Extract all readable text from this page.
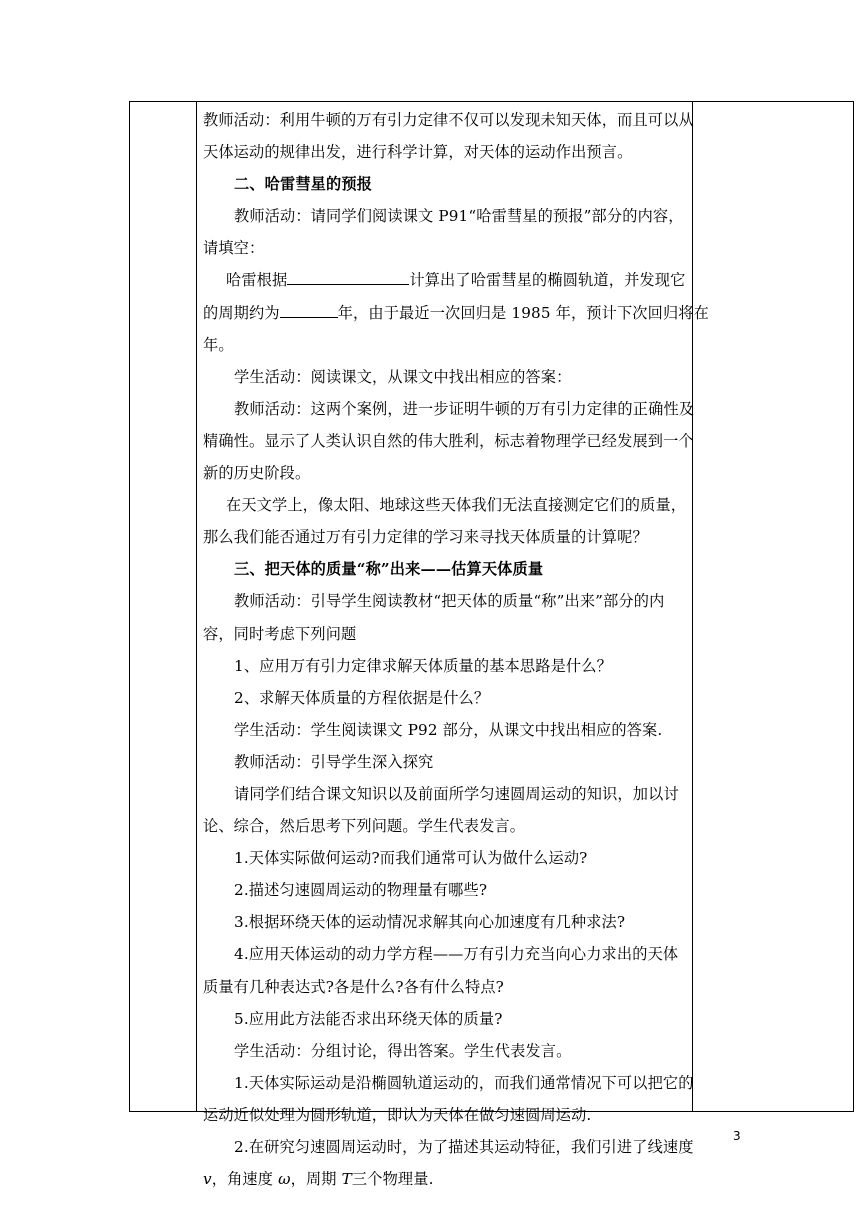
教师活动：利用牛顿的万有引力定律不仅可以发现未知天体，而且可以从
天体运动的规律出发，进行科学计算，对天体的运动作出预言。
二、哈雷彗星的预报
教师活动：请同学们阅读课文 P91“哈雷彗星的预报”部分的内容，
请填空：
哈雷根据	计算出了哈雷彗星的椭圆轨道，并发现它
的周期约为	年，由于最近一次回归是 1985 年，预计下次回归将在
年。
学生活动：阅读课文，从课文中找出相应的答案：
教师活动：这两个案例，进一步证明牛顿的万有引力定律的正确性及
精确性。显示了人类认识自然的伟大胜利，标志着物理学已经发展到一个
新的历史阶段。
在天文学上，像太阳、地球这些天体我们无法直接测定它们的质量，
那么我们能否通过万有引力定律的学习来寻找天体质量的计算呢？
三、把天体的质量“称”出来——估算天体质量
教师活动：引导学生阅读教材“把天体的质量“称”出来”部分的内
容，同时考虑下列问题
1、应用万有引力定律求解天体质量的基本思路是什么？
2、求解天体质量的方程依据是什么？
学生活动：学生阅读课文 P92 部分，从课文中找出相应的答案.
教师活动：引导学生深入探究
请同学们结合课文知识以及前面所学匀速圆周运动的知识，加以讨
论、综合，然后思考下列问题。学生代表发言。
1.天体实际做何运动?而我们通常可认为做什么运动?
2.描述匀速圆周运动的物理量有哪些?
3.根据环绕天体的运动情况求解其向心加速度有几种求法?
4.应用天体运动的动力学方程——万有引力充当向心力求出的天体
质量有几种表达式?各是什么?各有什么特点?
5.应用此方法能否求出环绕天体的质量?
学生活动：分组讨论，得出答案。学生代表发言。
1.天体实际运动是沿椭圆轨道运动的，而我们通常情况下可以把它的
运动近似处理为圆形轨道，即认为天体在做匀速圆周运动.
2.在研究匀速圆周运动时，为了描述其运动特征，我们引进了线速度
v，角速度 ω，周期 T三个物理量.
3
